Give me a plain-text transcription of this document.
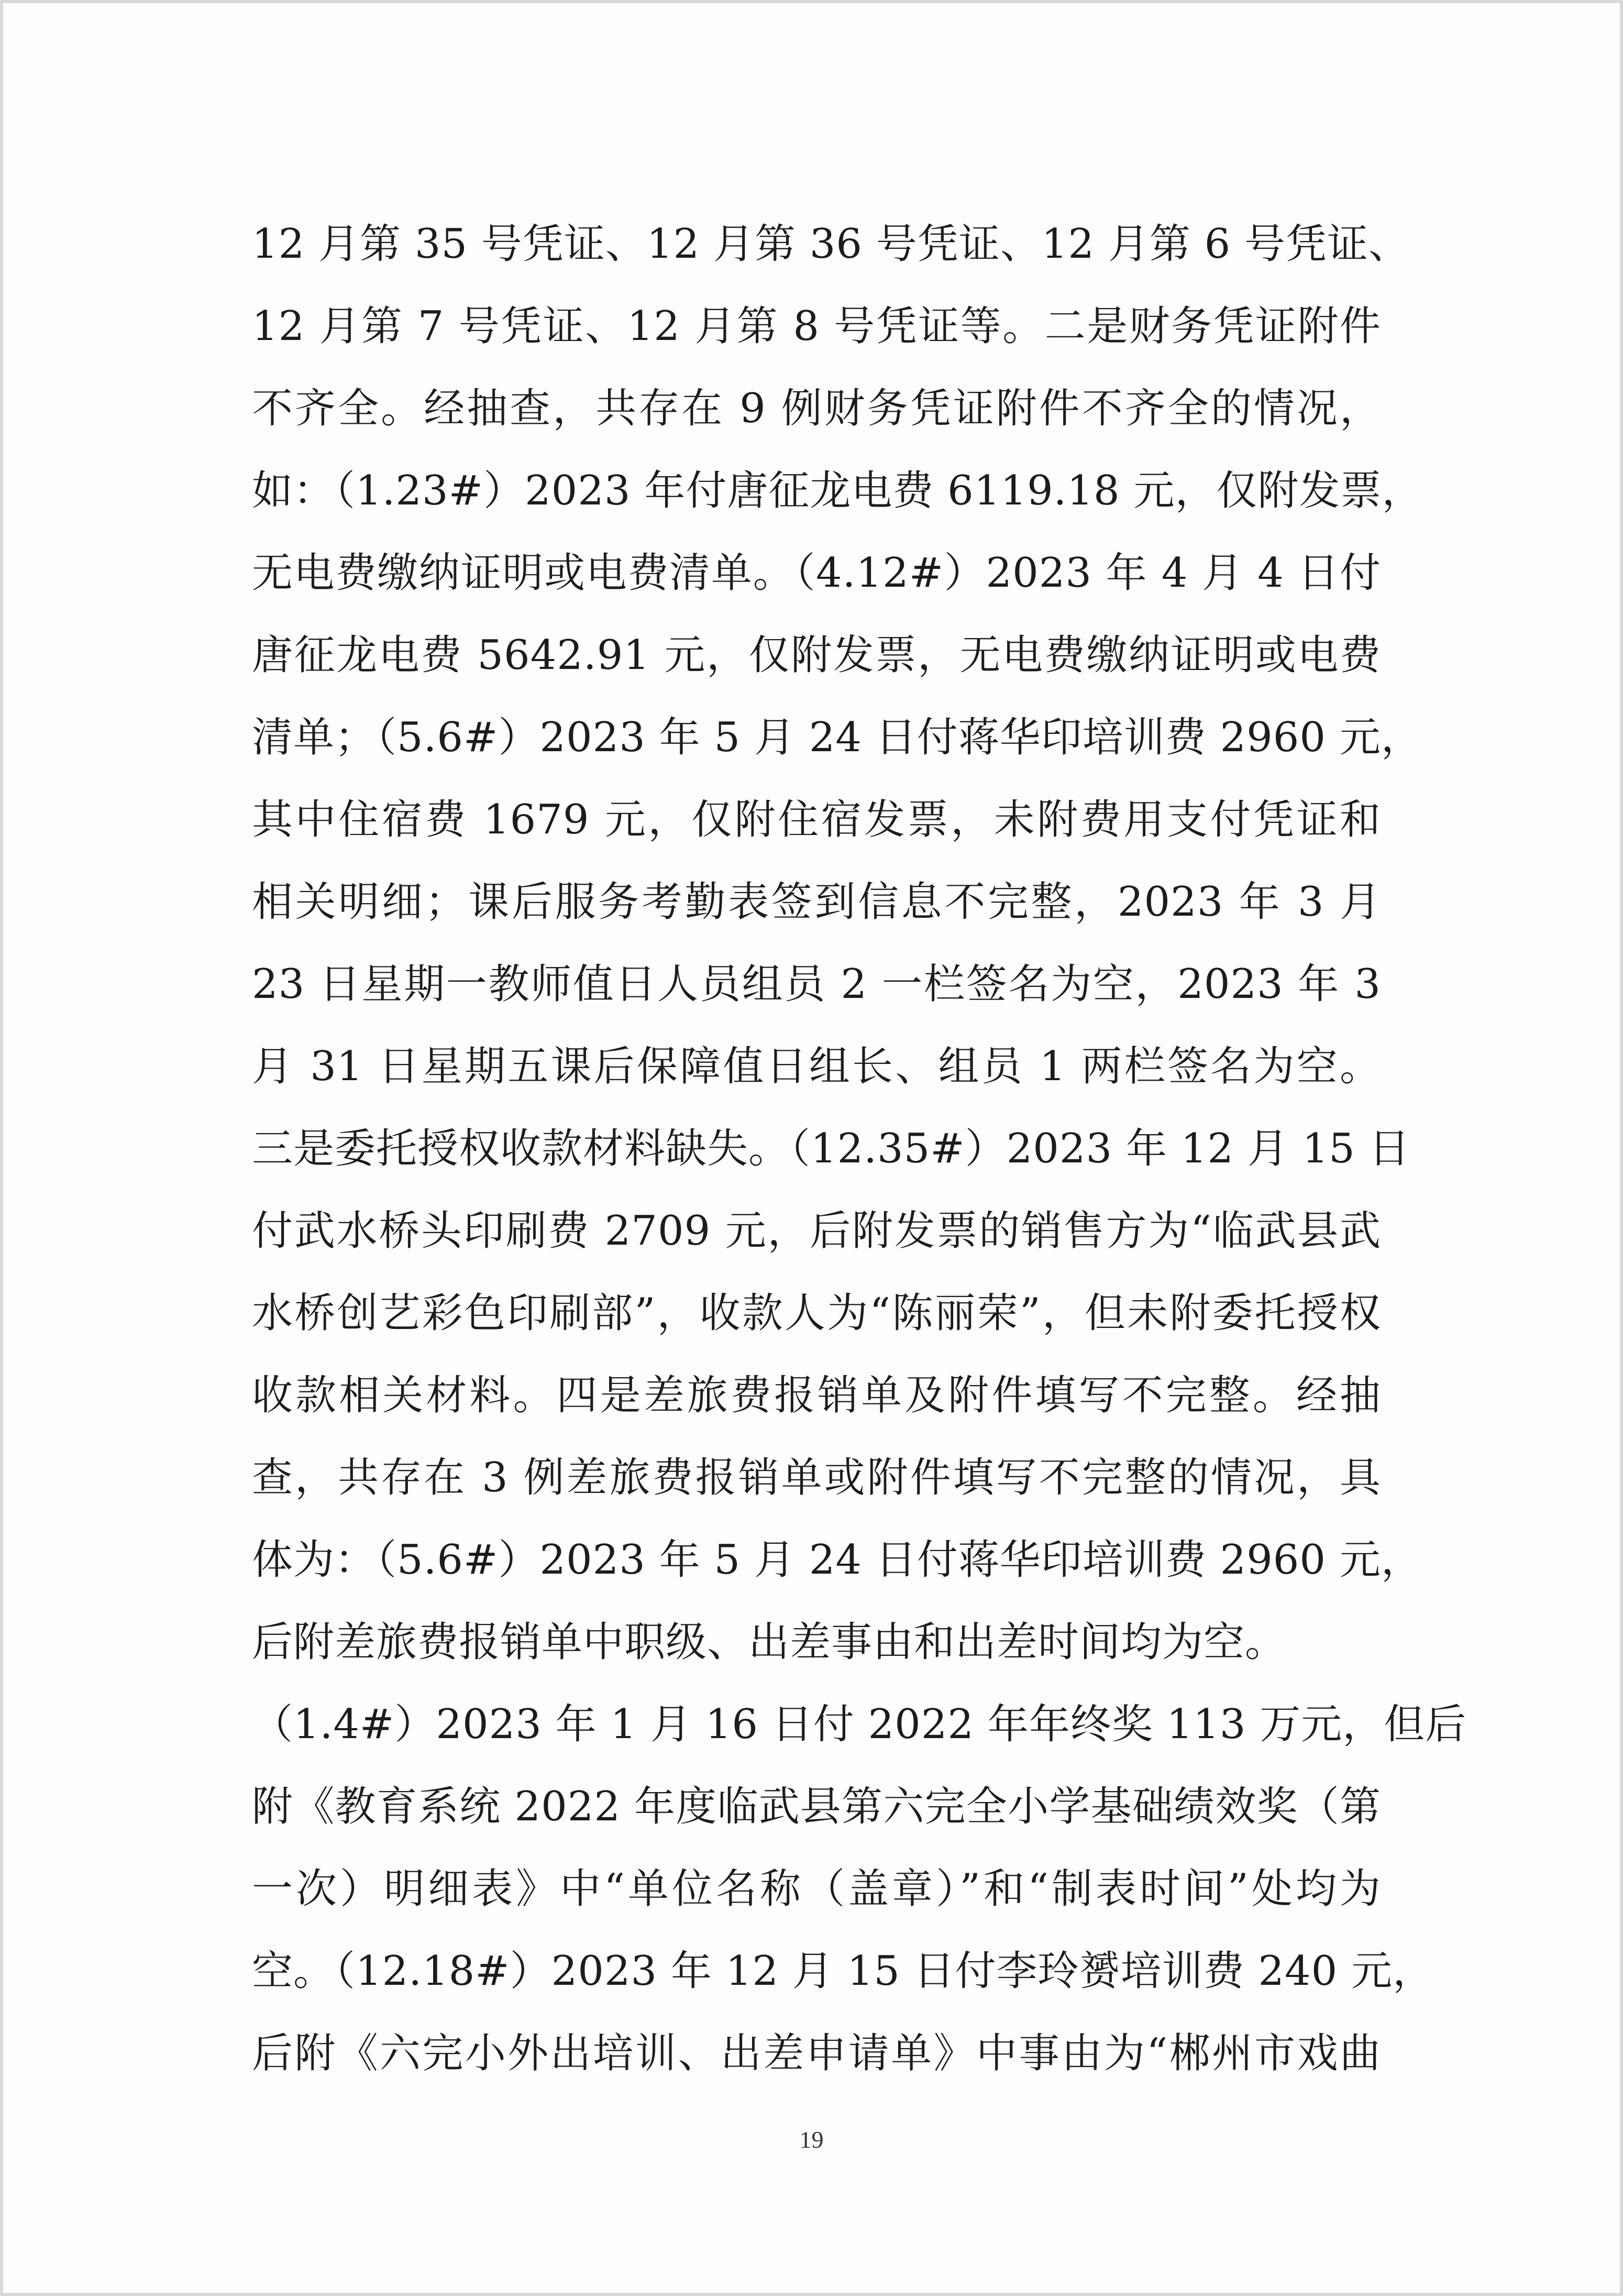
12 月第 35 号凭证、12 月第 36 号凭证、12 月第 6 号凭证、
12 月第 7 号凭证、12 月第 8 号凭证等。二是财务凭证附件
不齐全。经抽查，共存在 9 例财务凭证附件不齐全的情况，
如：（1.23#）2023 年付唐征龙电费 6119.18 元，仅附发票，
无电费缴纳证明或电费清单。（4.12#）2023 年 4 月 4 日付
唐征龙电费 5642.91 元，仅附发票，无电费缴纳证明或电费
清单；（5.6#）2023 年 5 月 24 日付蒋华印培训费 2960 元，
其中住宿费 1679 元，仅附住宿发票，未附费用支付凭证和
相关明细；课后服务考勤表签到信息不完整，2023 年 3 月
23 日星期一教师值日人员组员 2 一栏签名为空，2023 年 3
月 31 日星期五课后保障值日组长、组员 1 两栏签名为空。
三是委托授权收款材料缺失。（12.35#）2023 年 12 月 15 日
付武水桥头印刷费 2709 元，后附发票的销售方为“临武县武
水桥创艺彩色印刷部”，收款人为“陈丽荣”，但未附委托授权
收款相关材料。四是差旅费报销单及附件填写不完整。经抽
查，共存在 3 例差旅费报销单或附件填写不完整的情况，具
体为：（5.6#）2023 年 5 月 24 日付蒋华印培训费 2960 元，
后附差旅费报销单中职级、出差事由和出差时间均为空。
（1.4#）2023 年 1 月 16 日付 2022 年年终奖 113 万元，但后
附《教育系统 2022 年度临武县第六完全小学基础绩效奖（第
一次）明细表》中“单位名称（盖章）”和“制表时间”处均为
空。（12.18#）2023 年 12 月 15 日付李玲赟培训费 240 元，
后附《六完小外出培训、出差申请单》中事由为“郴州市戏曲
19
